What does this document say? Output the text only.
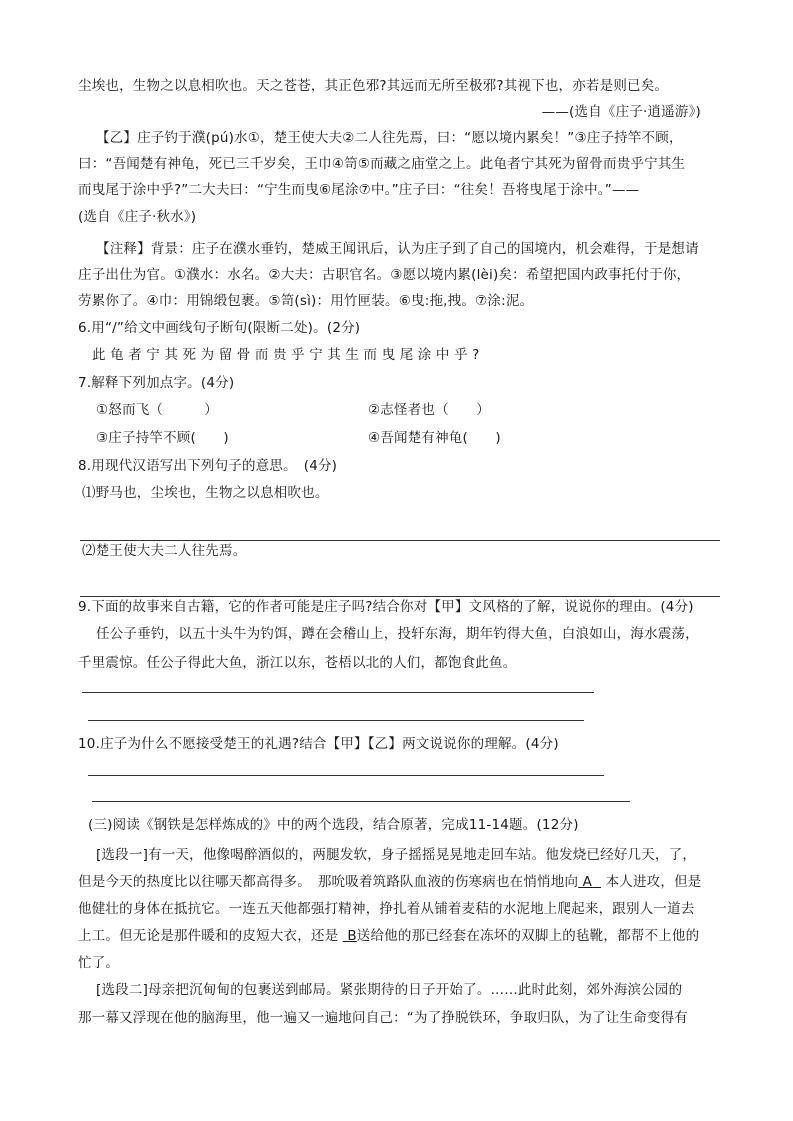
尘埃也，生物之以息相吹也。天之苍苍，其正色邪?其远而无所至极邪?其视下也，亦若是则已矣。
——(选自《庄子·逍遥游》)
【乙】庄子钓于濮(pú)水①，楚王使大夫②二人往先焉，曰：“愿以境内累矣！”③庄子持竿不顾，
曰：“吾闻楚有神龟，死已三千岁矣，王巾④笥⑤而藏之庙堂之上。此龟者宁其死为留骨而贵乎宁其生
而曳尾于涂中乎?”二大夫曰：“宁生而曳⑥尾涂⑦中。”庄子曰：“往矣！吾将曳尾于涂中。”——
(选自《庄子·秋水》)
【注释】背景：庄子在濮水垂钓，楚威王闻讯后，认为庄子到了自己的国境内，机会难得，于是想请
庄子出仕为官。①濮水：水名。②大夫：古职官名。③愿以境内累(lèi)矣：希望把国内政事托付于你，
劳累你了。④巾：用锦缎包裹。⑤笥(sì)：用竹匣装。⑥曳:拖,拽。⑦涂:泥。
6.用“/”给文中画线句子断句(限断二处)。(2分)
此龟者宁其死为留骨而贵乎宁其生而曳尾涂中乎?
7.解释下列加点字。(4分)
①怒而飞（　　　）	②志怪者也（　　）
③庄子持竿不顾(　　)	④吾闻楚有神龟(　　)
8.用现代汉语写出下列句子的意思。　(4分)
⑴野马也，尘埃也，生物之以息相吹也。
⑵楚王使大夫二人往先焉。
9.下面的故事来自古籍，它的作者可能是庄子吗?结合你对【甲】文风格的了解，说说你的理由。(4分)
任公子垂钓，以五十头牛为钓饵，蹲在会稽山上，投轩东海，期年钓得大鱼，白浪如山，海水震荡，
千里震惊。任公子得此大鱼，浙江以东，苍梧以北的人们，都饱食此鱼。
10.庄子为什么不愿接受楚王的礼遇?结合【甲】【乙】两文说说你的理解。(4分)
(三)阅读《钢铁是怎样炼成的》中的两个选段，结合原著，完成11-14题。(12分)
[选段一]有一天，他像喝醉酒似的，两腿发软，身子摇摇晃晃地走回车站。他发烧已经好几天，了，
但是今天的热度比以往哪天都高得多。　那吮吸着筑路队血液的伤寒病也在悄悄地向 A 本人进攻，但是
他健壮的身体在抵抗它。一连五天他都强打精神，挣扎着从铺着麦秸的水泥地上爬起来，跟别人一道去
上工。但无论是那件暖和的皮短大衣，还是 B送给他的那已经套在冻坏的双脚上的毡靴，都帮不上他的
忙了。
[选段二]母亲把沉甸甸的包裹送到邮局。紧张期待的日子开始了。……此时此刻，郊外海滨公园的
那一幕又浮现在他的脑海里，他一遍又一遍地问自己：“为了挣脱铁环，争取归队，为了让生命变得有
